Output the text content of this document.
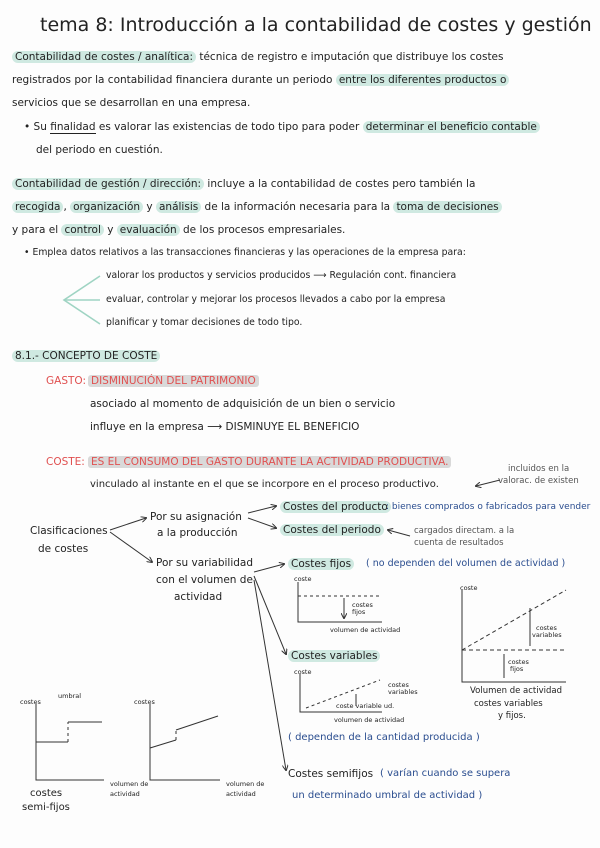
tema 8: Introducción a la contabilidad de costes y gestión
Contabilidad de costes / analítica: técnica de registro e imputación que distribuye los costes
registrados por la contabilidad financiera durante un periodo entre los diferentes productos o
servicios que se desarrollan en una empresa.
• Su finalidad es valorar las existencias de todo tipo para poder determinar el beneficio contable
del periodo en cuestión.
Contabilidad de gestión / dirección: incluye a la contabilidad de costes pero también la
recogida , organización y análisis de la información necesaria para la toma de decisiones
y para el control y evaluación de los procesos empresariales.
• Emplea datos relativos a las transacciones financieras y las operaciones de la empresa para:
valorar los productos y servicios producidos ⟶ Regulación cont. financiera
evaluar, controlar y mejorar los procesos llevados a cabo por la empresa
planificar y tomar decisiones de todo tipo.
8.1.- CONCEPTO DE COSTE
GASTO: DISMINUCIÓN DEL PATRIMONIO
asociado al momento de adquisición de un bien o servicio
influye en la empresa ⟶ DISMINUYE EL BENEFICIO
COSTE: ES EL CONSUMO DEL GASTO DURANTE LA ACTIVIDAD PRODUCTIVA.
vinculado al instante en el que se incorpore en el proceso productivo.
incluidos en la
valorac. de existen
cargados directam. a la
cuenta de resultados
Clasificaciones
de costes
Por su asignación
a la producción
Costes del producto
: bienes comprados o fabricados para vender
Costes del periodo
Por su variabilidad
con el volumen de
actividad
Costes fijos	( no dependen del volumen de actividad )
Costes variables
( dependen de la cantidad producida )
Costes semifijos ( varían cuando se supera
un determinado umbral de actividad )
coste
costes
fijos
volumen de actividad
coste
costes
variables
coste variable ud.
volumen de actividad
coste
costes
variables
costes
fijos
Volumen de actividad
costes variables
y fijos.
costes
umbral
volumen de
actividad
costes
semi-fijos
costes
volumen de
actividad
